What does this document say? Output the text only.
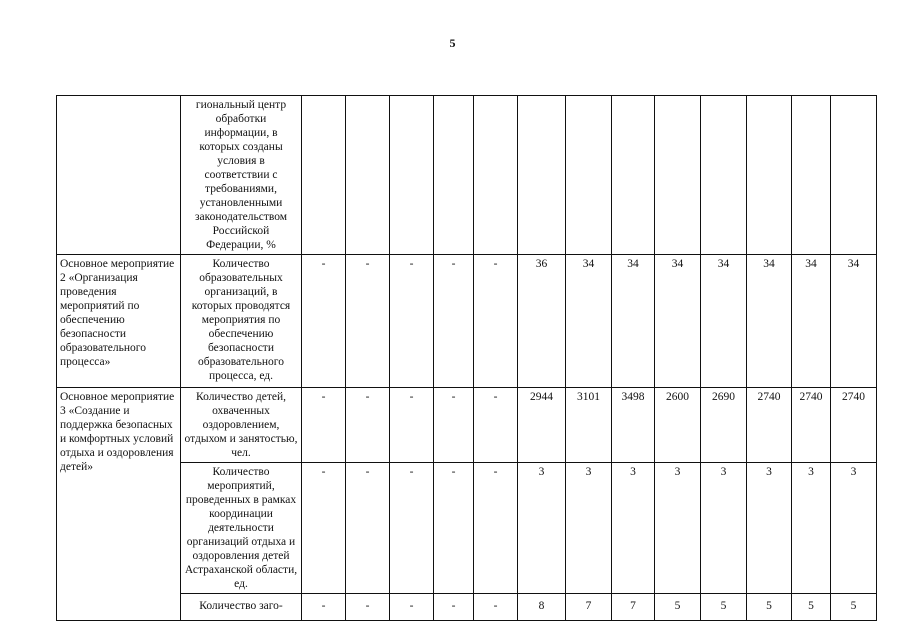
5
	гиональный центр обработки информации, в которых созданы условия в соответствии с требованиями, установленными законодательством Российской Федерации, %													
Основное мероприятие 2 «Организация проведения мероприятий по обеспечению безопасности образовательного процесса»	Количество образовательных организаций, в которых проводятся мероприятия по обеспечению безопасности образовательного процесса, ед.	-	-	-	-	-	36	34	34	34	34	34	34	34
Основное мероприятие 3 «Создание и поддержка безопасных и комфортных условий отдыха и оздоровления детей»	Количество детей, охваченных оздоровлением, отдыхом и занятостью, чел.	-	-	-	-	-	2944	3101	3498	2600	2690	2740	2740	2740
	Количество мероприятий, проведенных в рамках координации деятельности организаций отдыха и оздоровления детей Астраханской области, ед.	-	-	-	-	-	3	3	3	3	3	3	3	3
	Количество заго-	-	-	-	-	-	8	7	7	5	5	5	5	5
